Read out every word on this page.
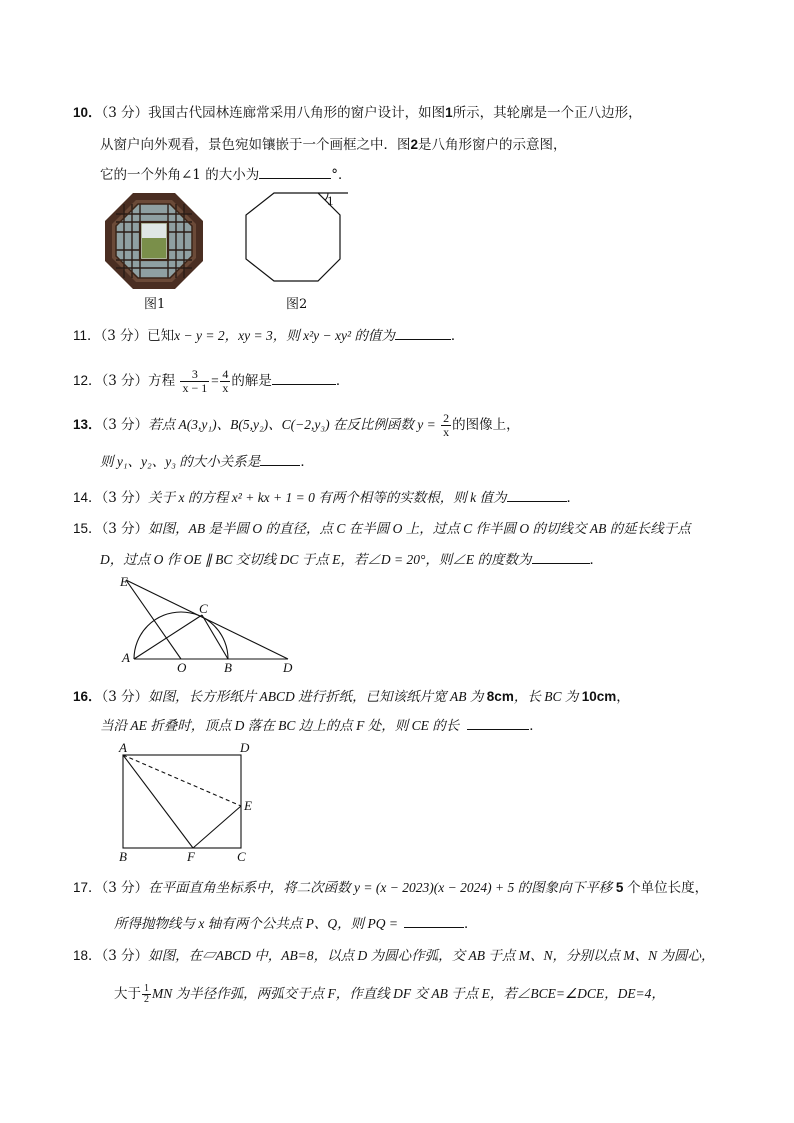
10．（3 分）我国古代园林连廊常采用八角形的窗户设计，如图1所示，其轮廓是一个正八边形，
从窗户向外观看，景色宛如镶嵌于一个画框之中．图2是八角形窗户的示意图，
它的一个外角∠1 的大小为	°．
图1
1
图2
11．（3 分）已知x − y = 2，xy = 3，则 x²y − xy² 的值为	．
12．（3 分）方程 $\frac{3}{x - 1} = \frac{4}{x}$ 的解是	．
13．（3 分）若点 A(3,y₁)、B(5,y₂)、C(−2,y₃) 在反比例函数 $y = \frac{2}{x}$ 的图像上，
则 y₁、y₂、y₃ 的大小关系是	．
14．（3 分）关于 x 的方程 x² + kx + 1 = 0 有两个相等的实数根，则 k 值为	．
15．（3 分）如图，AB 是半圆 O 的直径，点 C 在半圆 O 上，过点 C 作半圆 O 的切线交 AB 的延长线于点
D，过点 O 作 OE ∥ BC 交切线 DC 于点 E，若∠D = 20°，则∠E 的度数为	．
E
C
A
O	B	D
16．（3 分）如图，长方形纸片 ABCD 进行折纸，已知该纸片宽 AB 为 8cm，长 BC 为 10cm，
当沿 AE 折叠时，顶点 D 落在 BC 边上的点 F 处，则 CE 的长	．
A	D
E
B	F	C
17．（3 分）在平面直角坐标系中，将二次函数 y = (x − 2023)(x − 2024) + 5 的图象向下平移 5 个单位长度，
所得抛物线与 x 轴有两个公共点 P、Q，则 PQ =	．
18．（3 分）如图，在▱ABCD 中，AB=8，以点 D 为圆心作弧，交 AB 于点 M、N，分别以点 M、N 为圆心，
大于 $\frac{1}{2}$ MN 为半径作弧，两弧交于点 F，作直线 DF 交 AB 于点 E，若∠BCE=∠DCE，DE=4，
